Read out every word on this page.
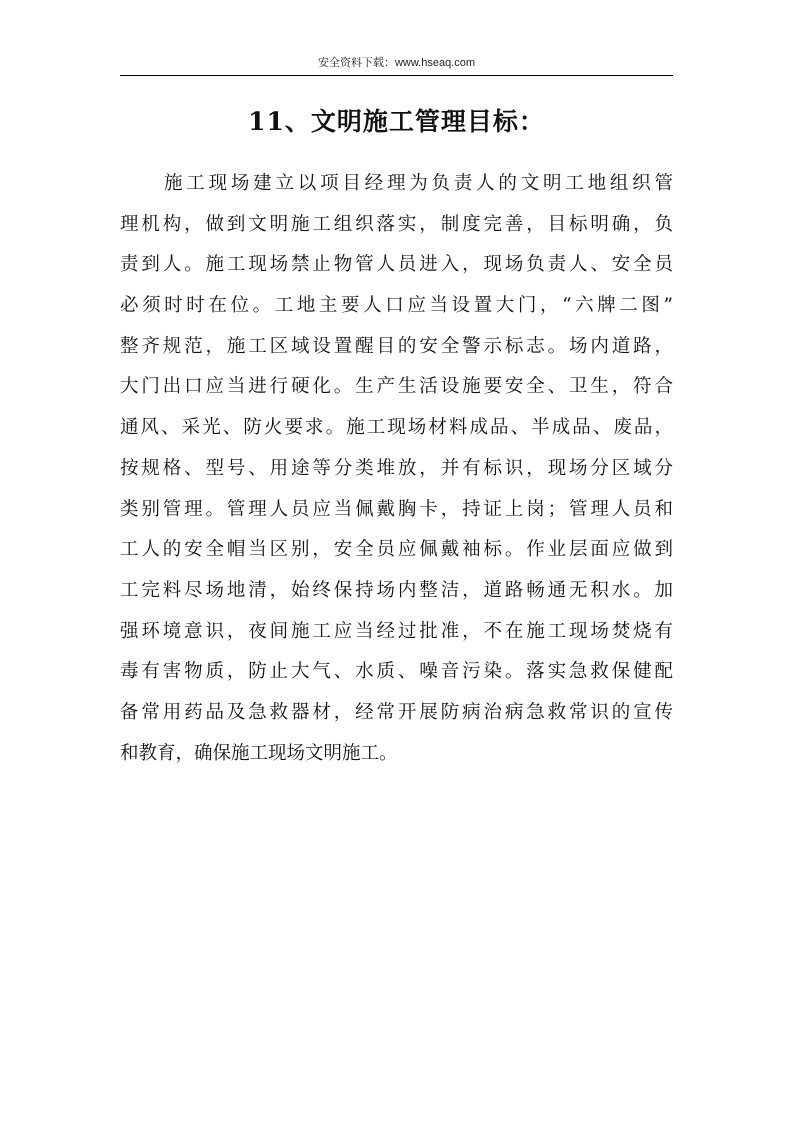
安全资料下载：www.hseaq.com
11、文明施工管理目标：
施工现场建立以项目经理为负责人的文明工地组织管
理机构，做到文明施工组织落实，制度完善，目标明确，负
责到人。施工现场禁止物管人员进入，现场负责人、安全员
必须时时在位。工地主要人口应当设置大门，“六牌二图”
整齐规范，施工区域设置醒目的安全警示标志。场内道路，
大门出口应当进行硬化。生产生活设施要安全、卫生，符合
通风、采光、防火要求。施工现场材料成品、半成品、废品，
按规格、型号、用途等分类堆放，并有标识，现场分区域分
类别管理。管理人员应当佩戴胸卡，持证上岗；管理人员和
工人的安全帽当区别，安全员应佩戴袖标。作业层面应做到
工完料尽场地清，始终保持场内整洁，道路畅通无积水。加
强环境意识，夜间施工应当经过批准，不在施工现场焚烧有
毒有害物质，防止大气、水质、噪音污染。落实急救保健配
备常用药品及急救器材，经常开展防病治病急救常识的宣传
和教育，确保施工现场文明施工。
